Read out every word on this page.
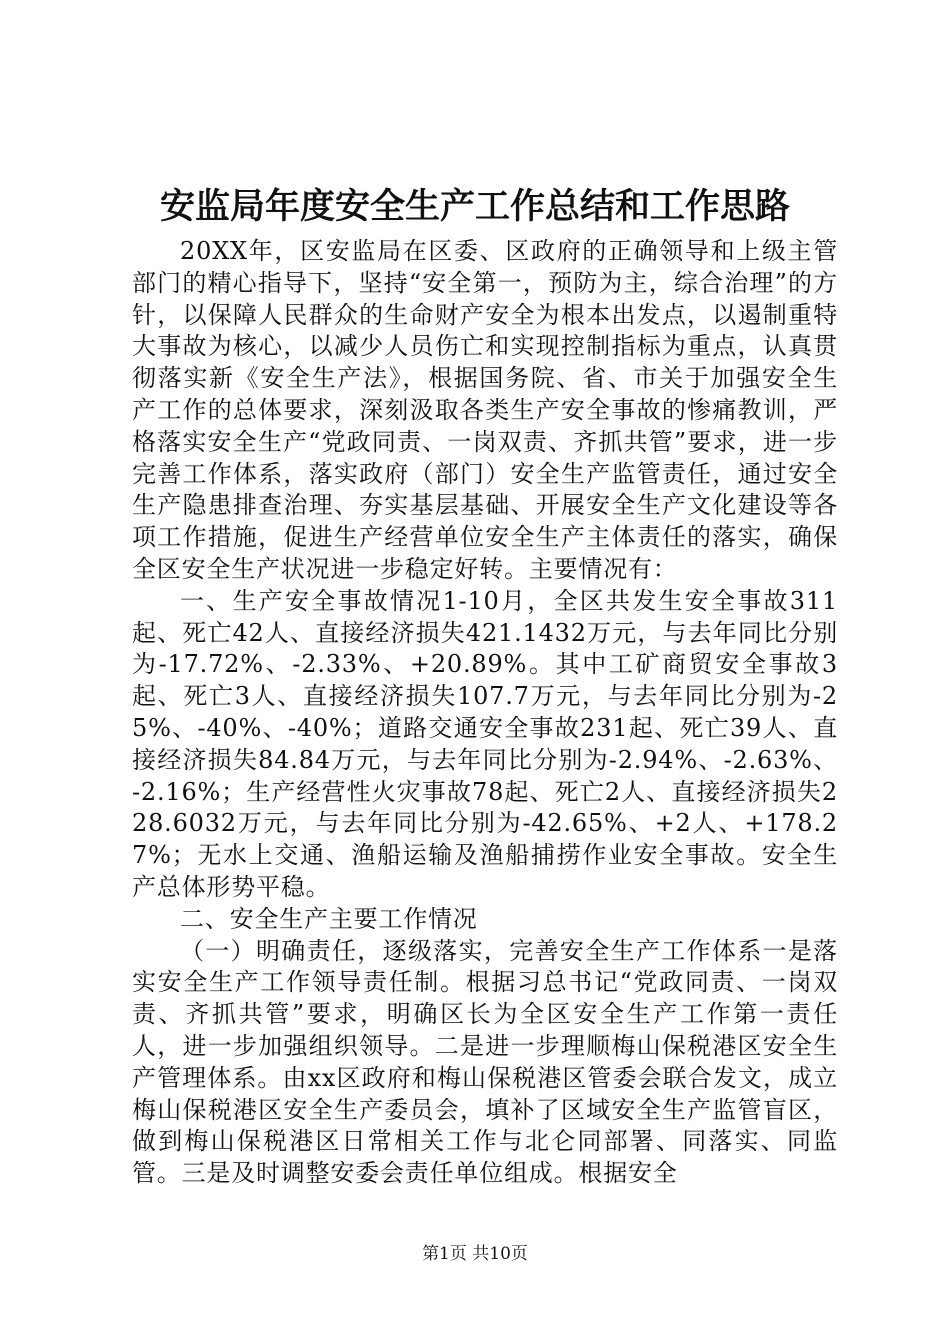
安监局年度安全生产工作总结和工作思路

20XX年，区安监局在区委、区政府的正确领导和上级主管部门的精心指导下，坚持“安全第一，预防为主，综合治理”的方针，以保障人民群众的生命财产安全为根本出发点，以遏制重特大事故为核心，以减少人员伤亡和实现控制指标为重点，认真贯彻落实新《安全生产法》，根据国务院、省、市关于加强安全生产工作的总体要求，深刻汲取各类生产安全事故的惨痛教训，严格落实安全生产“党政同责、一岗双责、齐抓共管”要求，进一步完善工作体系，落实政府（部门）安全生产监管责任，通过安全生产隐患排查治理、夯实基层基础、开展安全生产文化建设等各项工作措施，促进生产经营单位安全生产主体责任的落实，确保全区安全生产状况进一步稳定好转。主要情况有：

一、生产安全事故情况1-10月，全区共发生安全事故311起、死亡42人、直接经济损失421.1432万元，与去年同比分别为-17.72%、-2.33%、+20.89%。其中工矿商贸安全事故3起、死亡3人、直接经济损失107.7万元，与去年同比分别为-25%、-40%、-40%；道路交通安全事故231起、死亡39人、直接经济损失84.84万元，与去年同比分别为-2.94%、-2.63%、-2.16%；生产经营性火灾事故78起、死亡2人、直接经济损失228.6032万元，与去年同比分别为-42.65%、+2人、+178.27%；无水上交通、渔船运输及渔船捕捞作业安全事故。安全生产总体形势平稳。

二、安全生产主要工作情况

（一）明确责任，逐级落实，完善安全生产工作体系一是落实安全生产工作领导责任制。根据习总书记“党政同责、一岗双责、齐抓共管”要求，明确区长为全区安全生产工作第一责任人，进一步加强组织领导。二是进一步理顺梅山保税港区安全生产管理体系。由xx区政府和梅山保税港区管委会联合发文，成立梅山保税港区安全生产委员会，填补了区域安全生产监管盲区，做到梅山保税港区日常相关工作与北仑同部署、同落实、同监管。三是及时调整安委会责任单位组成。根据安全

第1页 共10页
